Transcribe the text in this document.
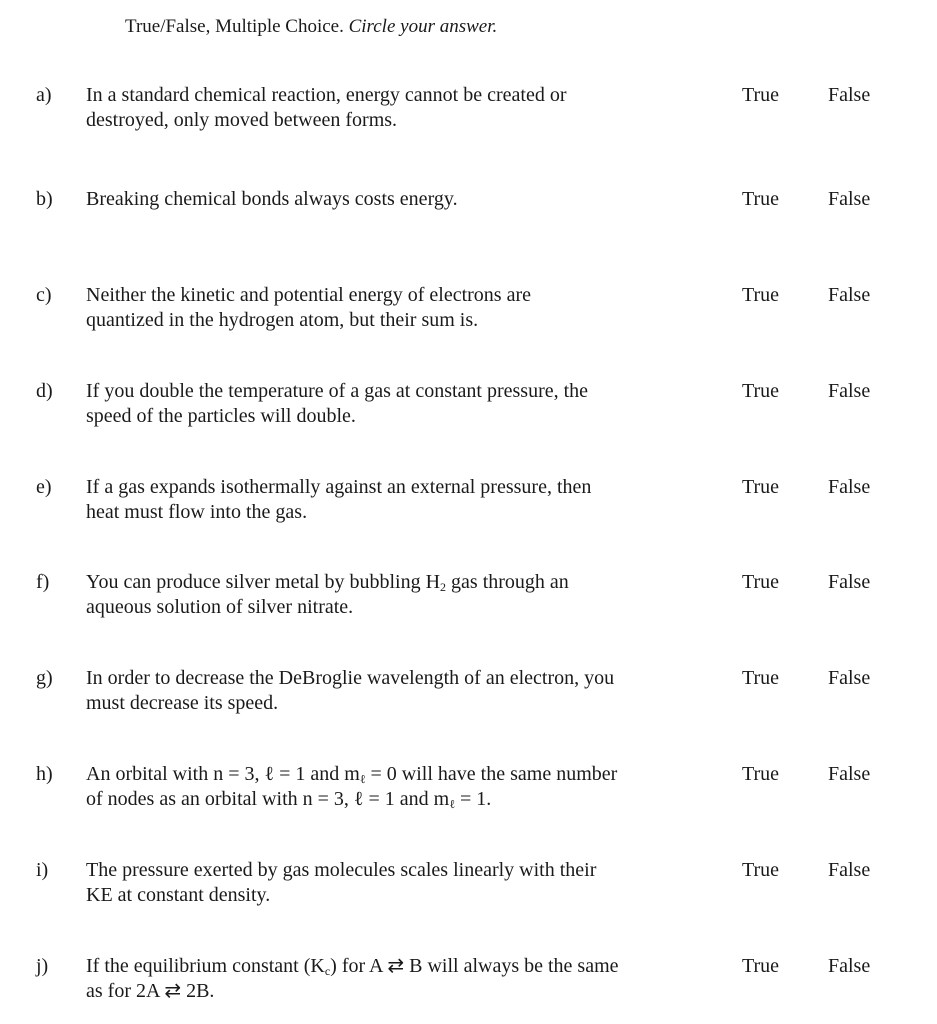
True/False, Multiple Choice. Circle your answer.
a) In a standard chemical reaction, energy cannot be created or
destroyed, only moved between forms.
True False
b) Breaking chemical bonds always costs energy.	True False
c) Neither the kinetic and potential energy of electrons are
quantized in the hydrogen atom, but their sum is.
True False
d) If you double the temperature of a gas at constant pressure, the
speed of the particles will double.
True False
e) If a gas expands isothermally against an external pressure, then
heat must flow into the gas.
True False
f) You can produce silver metal by bubbling $H_2$ gas through an
aqueous solution of silver nitrate.
True False
g) In order to decrease the DeBroglie wavelength of an electron, you
must decrease its speed.
True False
h) An orbital with n = 3, ℓ = 1 and $m_\ell = 0$ will have the same number
of nodes as an orbital with n = 3, ℓ = 1 and $m_\ell = 1$.
True False
i) The pressure exerted by gas molecules scales linearly with their
KE at constant density.
True False
j) If the equilibrium constant $(K_c)$ for A ⇄ B will always be the same
as for 2A ⇄ 2B.
True False
